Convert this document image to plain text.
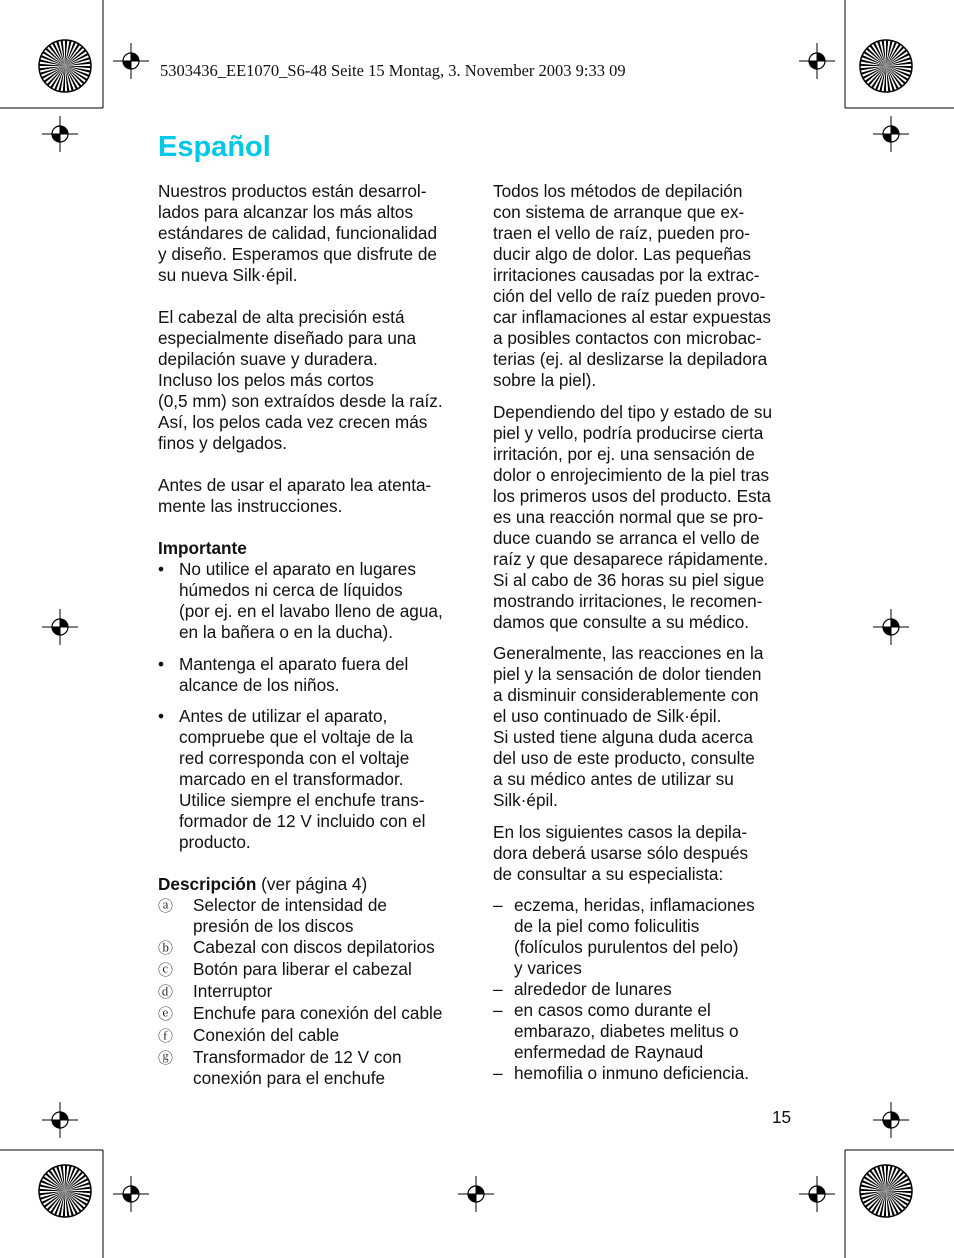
5303436_EE1070_S6-48 Seite 15 Montag, 3. November 2003 9:33 09
Español

Nuestros productos están desarrol-

lados para alcanzar los más altos

estándares de calidad, funcionalidad

y diseño. Esperamos que disfrute de

su nueva Silk·épil.

El cabezal de alta precisión está

especialmente diseñado para una

depilación suave y duradera.

Incluso los pelos más cortos

(0,5 mm) son extraídos desde la raíz.

Así, los pelos cada vez crecen más

finos y delgados.

Antes de usar el aparato lea atenta-

mente las instrucciones.

Importante

• No utilice el aparato en lugares

húmedos ni cerca de líquidos

(por ej. en el lavabo lleno de agua,

en la bañera o en la ducha).

• Mantenga el aparato fuera del

alcance de los niños.

• Antes de utilizar el aparato,

compruebe que el voltaje de la

red corresponda con el voltaje

marcado en el transformador.

Utilice siempre el enchufe trans-

formador de 12 V incluido con el

producto.

Descripción (ver página 4)

ⓐ	Selector de intensidad de

presión de los discos

ⓑ	Cabezal con discos depilatorios

ⓒ	Botón para liberar el cabezal

ⓓ	Interruptor

ⓔ	Enchufe para conexión del cable

ⓕ	Conexión del cable

ⓖ	Transformador de 12 V con

conexión para el enchufe

Todos los métodos de depilación

con sistema de arranque que ex-

traen el vello de raíz, pueden pro-

ducir algo de dolor. Las pequeñas

irritaciones causadas por la extrac-

ción del vello de raíz pueden provo-

car inflamaciones al estar expuestas

a posibles contactos con microbac-

terias (ej. al deslizarse la depiladora

sobre la piel).

Dependiendo del tipo y estado de su

piel y vello, podría producirse cierta

irritación, por ej. una sensación de

dolor o enrojecimiento de la piel tras

los primeros usos del producto. Esta

es una reacción normal que se pro-

duce cuando se arranca el vello de

raíz y que desaparece rápidamente.

Si al cabo de 36 horas su piel sigue

mostrando irritaciones, le recomen-

damos que consulte a su médico.

Generalmente, las reacciones en la

piel y la sensación de dolor tienden

a disminuir considerablemente con

el uso continuado de Silk·épil.

Si usted tiene alguna duda acerca

del uso de este producto, consulte

a su médico antes de utilizar su

Silk·épil.

En los siguientes casos la depila-

dora deberá usarse sólo después

de consultar a su especialista:

– eczema, heridas, inflamaciones

de la piel como foliculitis

(folículos purulentos del pelo)

y varices

– alrededor de lunares

– en casos como durante el

embarazo, diabetes melitus o

enfermedad de Raynaud

– hemofilia o inmuno deficiencia.

15
